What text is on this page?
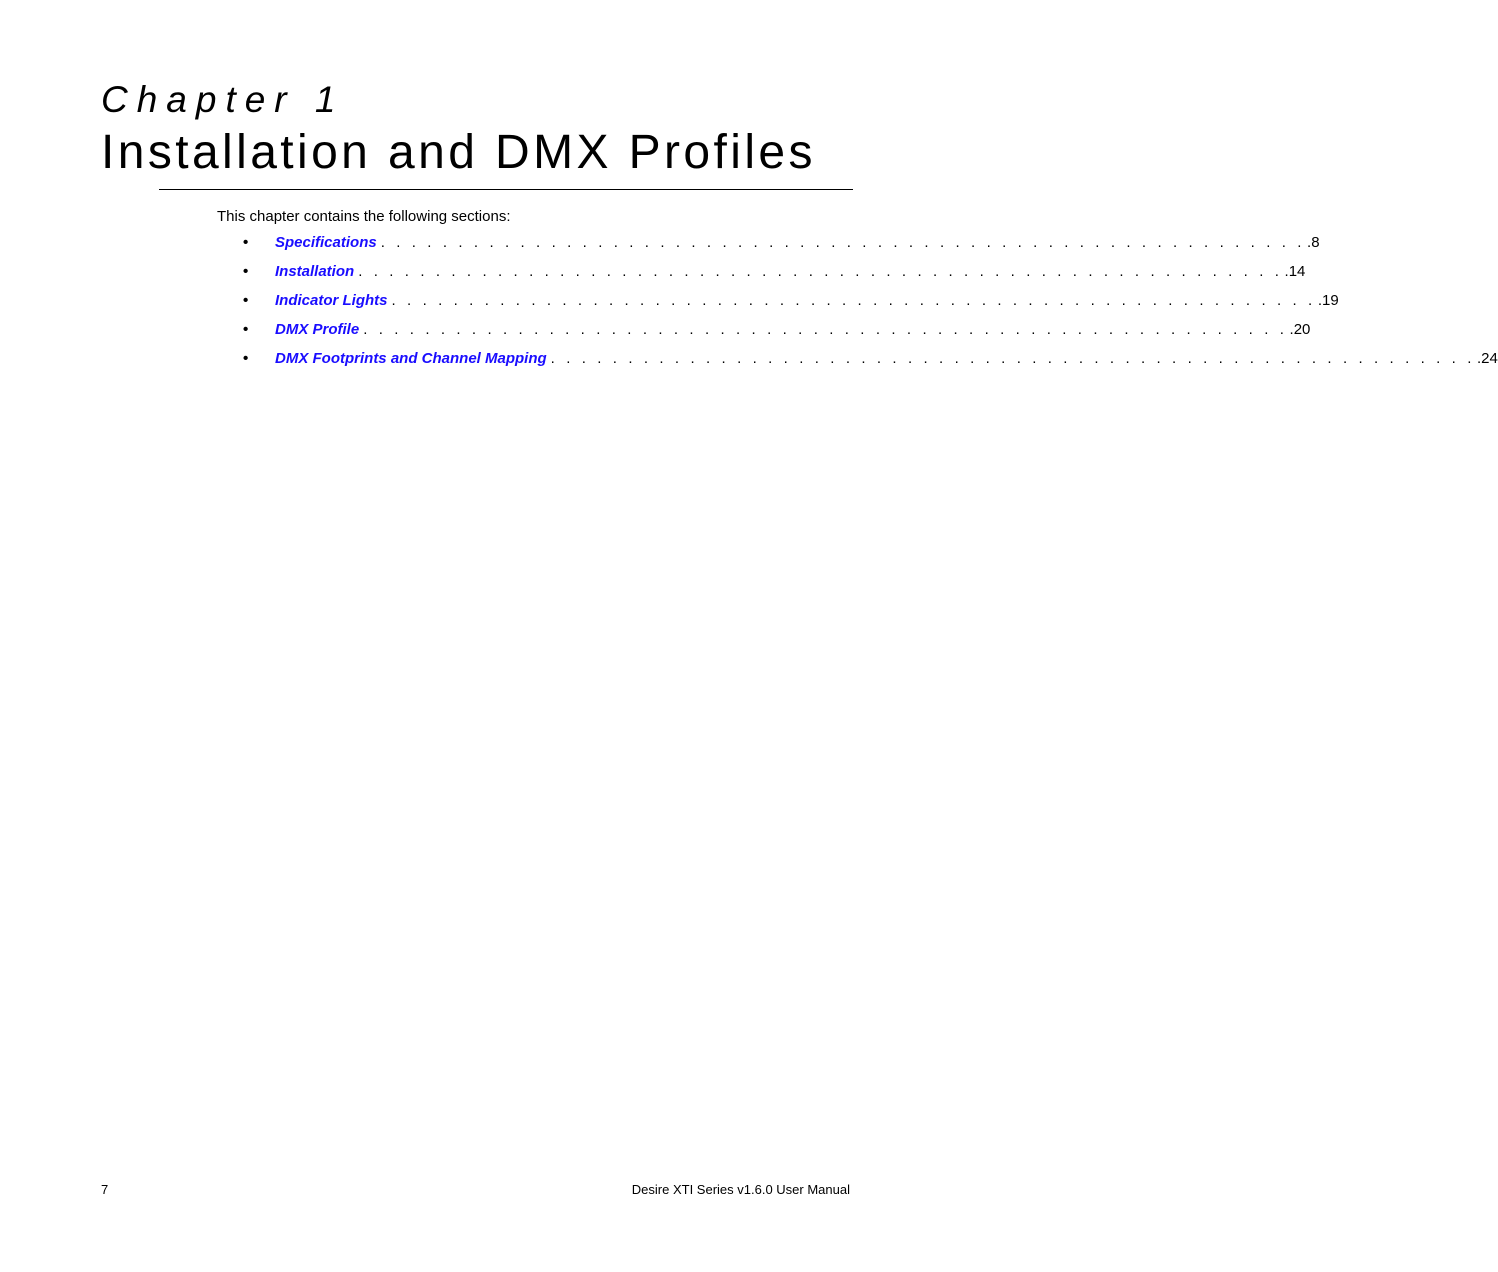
Chapter 1
Installation and DMX Profiles
This chapter contains the following sections:
•	Specifications . . . . . . . . . . . . . . . . . . . . . . . . . . . . . . . . . . . . . . . . . . . . . . . . . . . . . . . . . . . . .8
•	Installation . . . . . . . . . . . . . . . . . . . . . . . . . . . . . . . . . . . . . . . . . . . . . . . . . . . . . . . . . . . . .14
•	Indicator Lights . . . . . . . . . . . . . . . . . . . . . . . . . . . . . . . . . . . . . . . . . . . . . . . . . . . . . . . . . . . . .19
•	DMX Profile . . . . . . . . . . . . . . . . . . . . . . . . . . . . . . . . . . . . . . . . . . . . . . . . . . . . . . . . . . . . .20
•	DMX Footprints and Channel Mapping . . . . . . . . . . . . . . . . . . . . . . . . . . . . . . . . . . . . . . . . . . . . . . . . . . . . . . . . . . . . .24
7	Desire XTI Series v1.6.0 User Manual
